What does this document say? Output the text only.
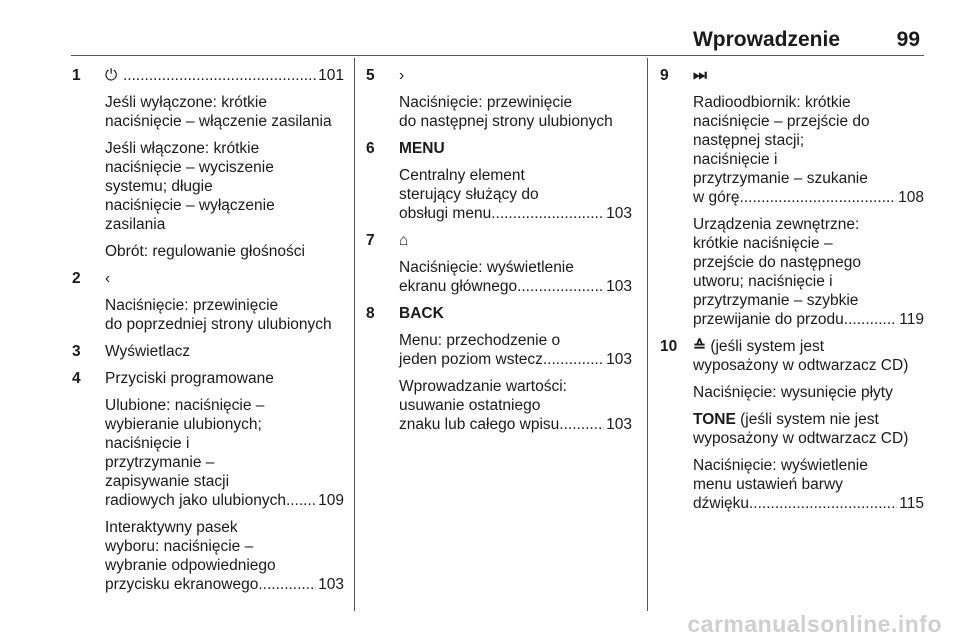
Wprowadzenie	99
1 ⏻ .....	101
Jeśli wyłączone: krótkie
naciśnięcie – włączenie zasilania
Jeśli włączone: krótkie
naciśnięcie – wyciszenie
systemu; długie
naciśnięcie – wyłączenie
zasilania
Obrót: regulowanie głośności
2 ‹
Naciśnięcie: przewinięcie
do poprzedniej strony ulubionych
3 Wyświetlacz
4 Przyciski programowane
Ulubione: naciśnięcie –
wybieranie ulubionych;
naciśnięcie i
przytrzymanie –
zapisywanie stacji
radiowych jako ulubionych ..... 109
Interaktywny pasek
wyboru: naciśnięcie –
wybranie odpowiedniego
przycisku ekranowego .....	103
5 ›
Naciśnięcie: przewinięcie
do następnej strony ulubionych
6 MENU
Centralny element
sterujący służący do
obsługi menu .....	103
7 ⌂
Naciśnięcie: wyświetlenie
ekranu głównego .....	103
8 BACK
Menu: przechodzenie o
jeden poziom wstecz .....	103
Wprowadzanie wartości:
usuwanie ostatniego
znaku lub całego wpisu .....	103
9 ⏭
Radioodbiornik: krótkie
naciśnięcie – przejście do
następnej stacji;
naciśnięcie i
przytrzymanie – szukanie
w górę .....	108
Urządzenia zewnętrzne:
krótkie naciśnięcie –
przejście do następnego
utworu; naciśnięcie i
przytrzymanie – szybkie
przewijanie do przodu .....	119
10 ≙ (jeśli system jest
wyposażony w odtwarzacz CD)
Naciśnięcie: wysunięcie płyty
TONE (jeśli system nie jest
wyposażony w odtwarzacz CD)
Naciśnięcie: wyświetlenie
menu ustawień barwy
dźwięku .....	115
carmanualsonline.info
